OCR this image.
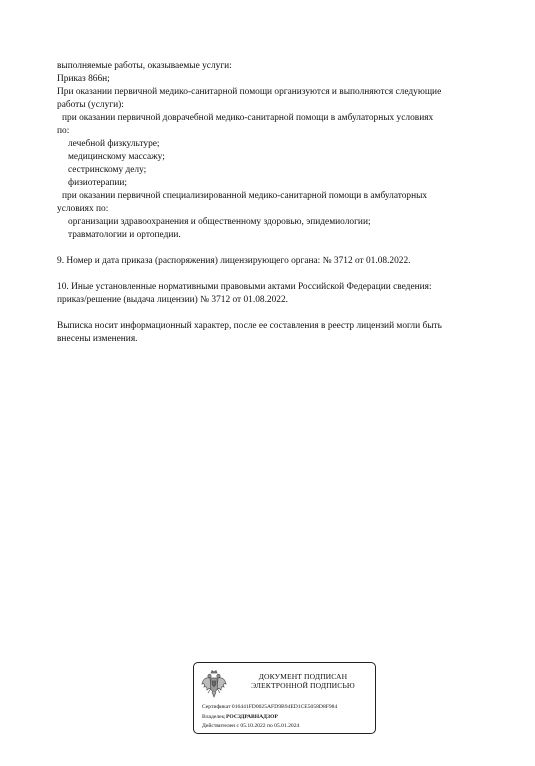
выполняемые работы, оказываемые услуги:
Приказ 866н;
При оказании первичной медико-санитарной помощи организуются и выполняются следующие
работы (услуги):
при оказании первичной доврачебной медико-санитарной помощи в амбулаторных условиях
по:
лечебной физкультуре;
медицинскому массажу;
сестринскому делу;
физиотерапии;
при оказании первичной специализированной медико-санитарной помощи в амбулаторных
условиях по:
организации здравоохранения и общественному здоровью, эпидемиологии;
травматологии и ортопедии.
9. Номер и дата приказа (распоряжения) лицензирующего органа: № 3712 от 01.08.2022.
10. Иные установленные нормативными правовыми актами Российской Федерации сведения:
приказ/решение (выдача лицензии) № 3712 от 01.08.2022.
Выписка носит информационный характер, после ее составления в реестр лицензий могли быть
внесены изменения.
ДОКУМЕНТ ПОДПИСАН
ЭЛЕКТРОННОЙ ПОДПИСЬЮ
Сертификат 016441FD0025AFD9B94ED1CE5058D8F984
Владелец РОСЗДРАВНАДЗОР
Действителен с 05.10.2022 по 05.01.2024
